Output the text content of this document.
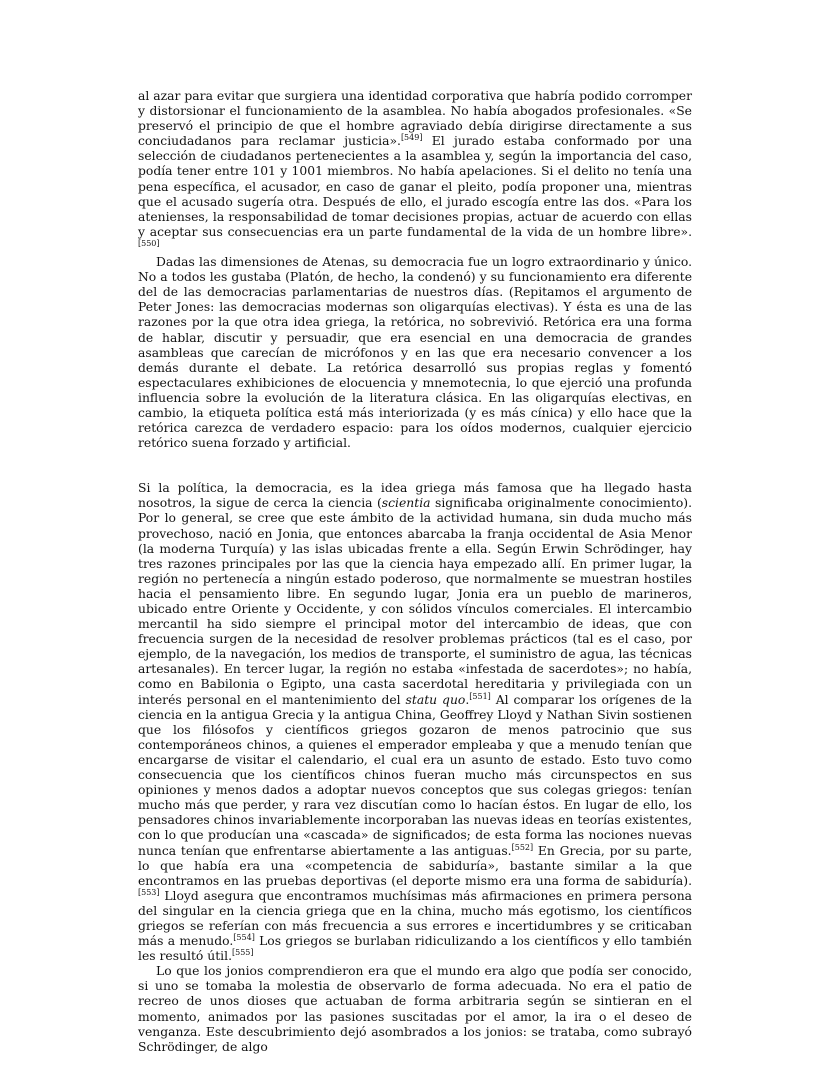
al azar para evitar que surgiera una identidad corporativa que habría podido corromper y distorsionar el funcionamiento de la asamblea. No había abogados profesionales. «Se preservó el principio de que el hombre agraviado debía dirigirse directamente a sus conciudadanos para reclamar justicia».[549] El jurado estaba conformado por una selección de ciudadanos pertenecientes a la asamblea y, según la importancia del caso, podía tener entre 101 y 1001 miembros. No había apelaciones. Si el delito no tenía una pena específica, el acusador, en caso de ganar el pleito, podía proponer una, mientras que el acusado sugería otra. Después de ello, el jurado escogía entre las dos. «Para los atenienses, la responsabilidad de tomar decisiones propias, actuar de acuerdo con ellas y aceptar sus consecuencias era un parte fundamental de la vida de un hombre libre».[550]

Dadas las dimensiones de Atenas, su democracia fue un logro extraordinario y único. No a todos les gustaba (Platón, de hecho, la condenó) y su funcionamiento era diferente del de las democracias parlamentarias de nuestros días. (Repitamos el argumento de Peter Jones: las democracias modernas son oligarquías electivas). Y ésta es una de las razones por la que otra idea griega, la retórica, no sobrevivió. Retórica era una forma de hablar, discutir y persuadir, que era esencial en una democracia de grandes asambleas que carecían de micrófonos y en las que era necesario convencer a los demás durante el debate. La retórica desarrolló sus propias reglas y fomentó espectaculares exhibiciones de elocuencia y mnemotecnia, lo que ejerció una profunda influencia sobre la evolución de la literatura clásica. En las oligarquías electivas, en cambio, la etiqueta política está más interiorizada (y es más cínica) y ello hace que la retórica carezca de verdadero espacio: para los oídos modernos, cualquier ejercicio retórico suena forzado y artificial.

Si la política, la democracia, es la idea griega más famosa que ha llegado hasta nosotros, la sigue de cerca la ciencia (scientia significaba originalmente conocimiento). Por lo general, se cree que este ámbito de la actividad humana, sin duda mucho más provechoso, nació en Jonia, que entonces abarcaba la franja occidental de Asia Menor (la moderna Turquía) y las islas ubicadas frente a ella. Según Erwin Schrödinger, hay tres razones principales por las que la ciencia haya empezado allí. En primer lugar, la región no pertenecía a ningún estado poderoso, que normalmente se muestran hostiles hacia el pensamiento libre. En segundo lugar, Jonia era un pueblo de marineros, ubicado entre Oriente y Occidente, y con sólidos vínculos comerciales. El intercambio mercantil ha sido siempre el principal motor del intercambio de ideas, que con frecuencia surgen de la necesidad de resolver problemas prácticos (tal es el caso, por ejemplo, de la navegación, los medios de transporte, el suministro de agua, las técnicas artesanales). En tercer lugar, la región no estaba «infestada de sacerdotes»; no había, como en Babilonia o Egipto, una casta sacerdotal hereditaria y privilegiada con un interés personal en el mantenimiento del statu quo.[551] Al comparar los orígenes de la ciencia en la antigua Grecia y la antigua China, Geoffrey Lloyd y Nathan Sivin sostienen que los filósofos y científicos griegos gozaron de menos patrocinio que sus contemporáneos chinos, a quienes el emperador empleaba y que a menudo tenían que encargarse de visitar el calendario, el cual era un asunto de estado. Esto tuvo como consecuencia que los científicos chinos fueran mucho más circunspectos en sus opiniones y menos dados a adoptar nuevos conceptos que sus colegas griegos: tenían mucho más que perder, y rara vez discutían como lo hacían éstos. En lugar de ello, los pensadores chinos invariablemente incorporaban las nuevas ideas en teorías existentes, con lo que producían una «cascada» de significados; de esta forma las nociones nuevas nunca tenían que enfrentarse abiertamente a las antiguas.[552] En Grecia, por su parte, lo que había era una «competencia de sabiduría», bastante similar a la que encontramos en las pruebas deportivas (el deporte mismo era una forma de sabiduría).[553] Lloyd asegura que encontramos muchísimas más afirmaciones en primera persona del singular en la ciencia griega que en la china, mucho más egotismo, los científicos griegos se referían con más frecuencia a sus errores e incertidumbres y se criticaban más a menudo.[554] Los griegos se burlaban ridiculizando a los científicos y ello también les resultó útil.[555]

Lo que los jonios comprendieron era que el mundo era algo que podía ser conocido, si uno se tomaba la molestia de observarlo de forma adecuada. No era el patio de recreo de unos dioses que actuaban de forma arbitraria según se sintieran en el momento, animados por las pasiones suscitadas por el amor, la ira o el deseo de venganza. Este descubrimiento dejó asombrados a los jonios: se trataba, como subrayó Schrödinger, de algo
